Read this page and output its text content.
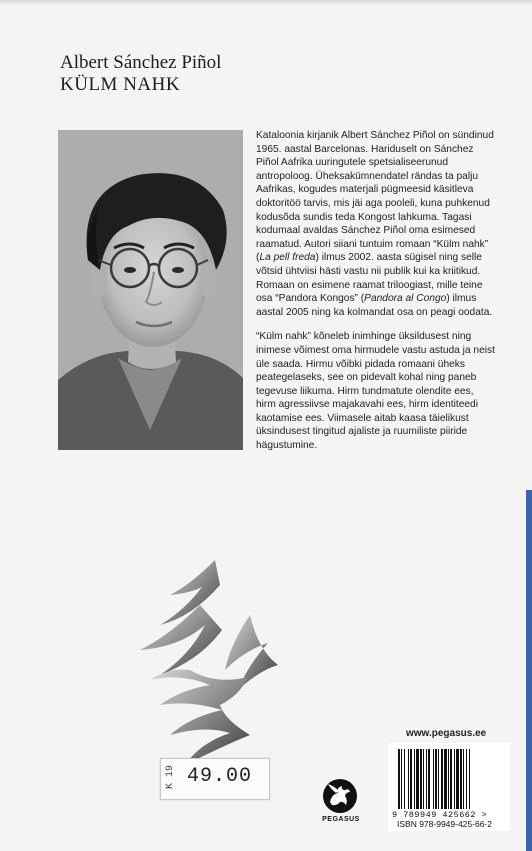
Albert Sánchez Piñol
KÜLM NAHK

Kataloonia kirjanik Albert Sánchez Piñol on sündinud 1965. aastal Barcelonas. Hariduselt on Sánchez Piñol Aafrika uuringutele spetsialiseerunud antropoloog. Üheksakümnendatel rändas ta palju Aafrikas, kogudes materjali pügmeesid käsitleva doktoritöö tarvis, mis jäi aga pooleli, kuna puhkenud kodusõda sundis teda Kongost lahkuma. Tagasi kodumaal avaldas Sánchez Piñol oma esimesed raamatud. Autori siiani tuntuim romaan “Külm nahk” (La pell freda) ilmus 2002. aasta sügisel ning selle võtsid ühtviisi hästi vastu nii publik kui ka kriitikud. Romaan on esimene raamat triloogiast, mille teine osa “Pandora Kongos” (Pandora al Congo) ilmus aastal 2005 ning ka kolmandat osa on peagi oodata.

“Külm nahk” kõneleb inimhinge üksildusest ning inimese võimest oma hirmudele vastu astuda ja neist üle saada. Hirmu võibki pidada romaani üheks peategelaseks, see on pidevalt kohal ning paneb tegevuse liikuma. Hirm tundmatute olendite ees, hirm agressiivse majakavahi ees, hirm identiteedi kaotamise ees. Viimasele aitab kaasa täielikust üksindusest tingitud ajaliste ja ruumiliste piiride hägustumine.

K 19 49.00
www.pegasus.ee
PEGASUS	9 789949 425662 >
ISBN 978-9949-425-66-2
